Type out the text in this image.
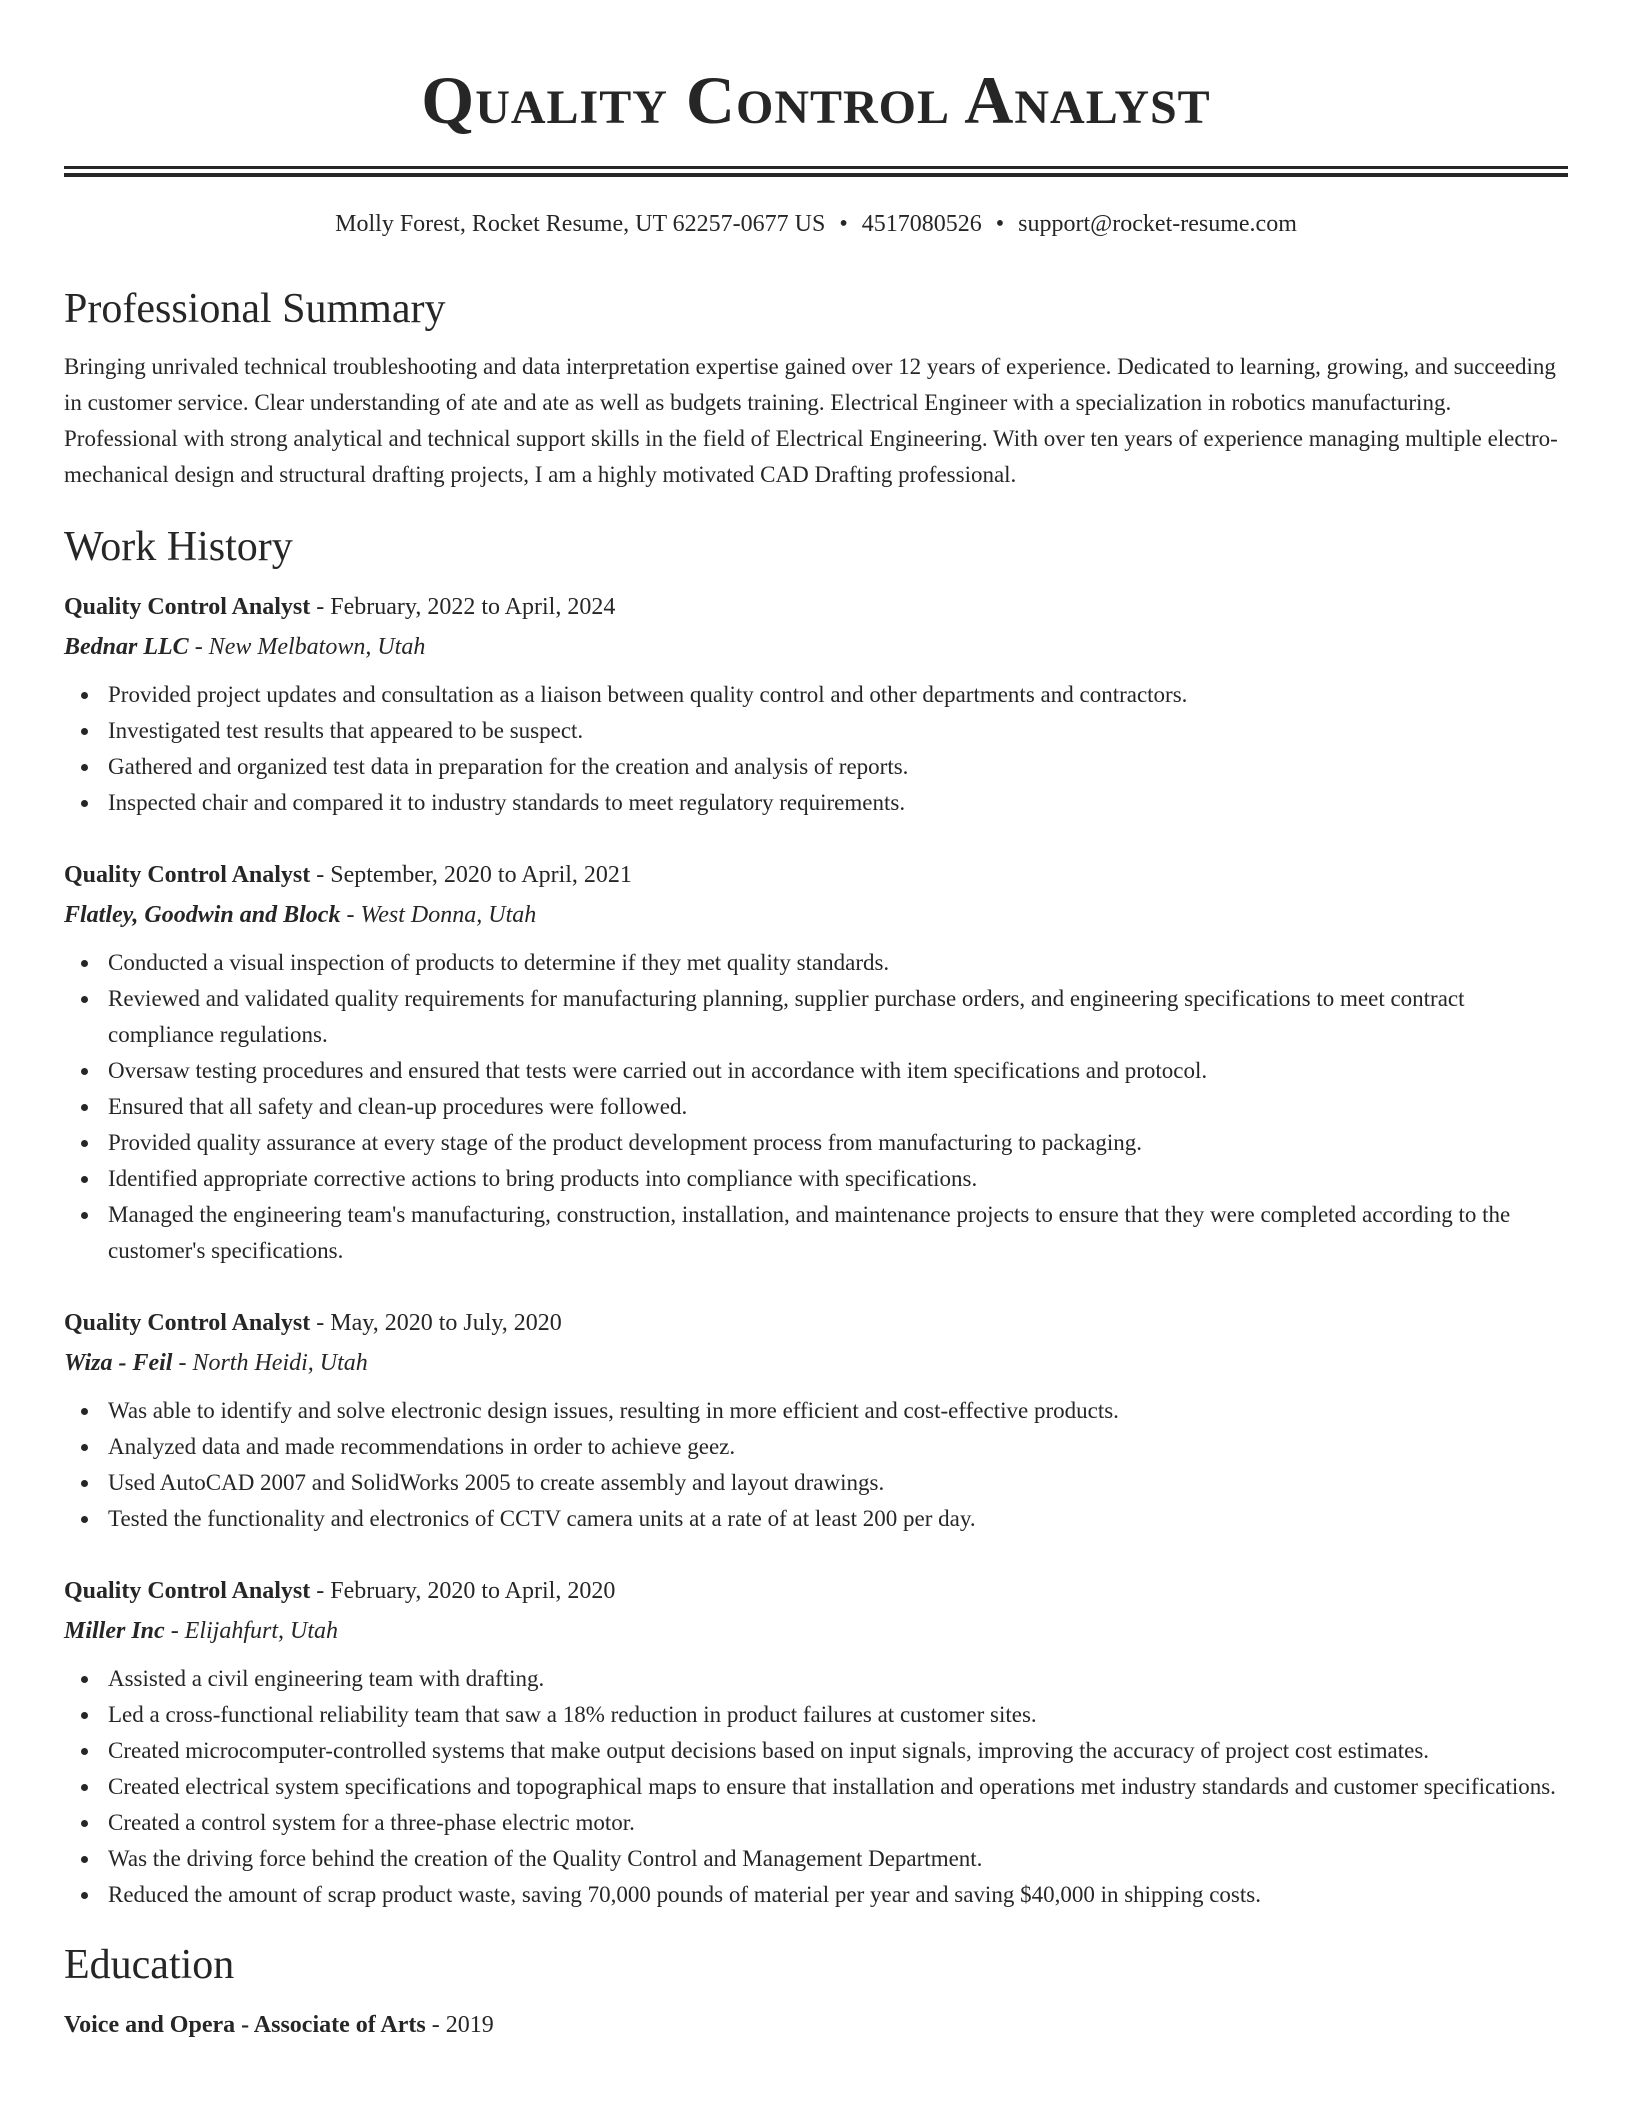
Quality Control Analyst
Molly Forest, Rocket Resume, UT 62257-0677 US • 4517080526 • support@rocket-resume.com
Professional Summary
Bringing unrivaled technical troubleshooting and data interpretation expertise gained over 12 years of experience. Dedicated to learning, growing, and succeeding in customer service. Clear understanding of ate and ate as well as budgets training. Electrical Engineer with a specialization in robotics manufacturing. Professional with strong analytical and technical support skills in the field of Electrical Engineering. With over ten years of experience managing multiple electro-mechanical design and structural drafting projects, I am a highly motivated CAD Drafting professional.
Work History
Quality Control Analyst - February, 2022 to April, 2024
Bednar LLC - New Melbatown, Utah
Provided project updates and consultation as a liaison between quality control and other departments and contractors.
Investigated test results that appeared to be suspect.
Gathered and organized test data in preparation for the creation and analysis of reports.
Inspected chair and compared it to industry standards to meet regulatory requirements.
Quality Control Analyst - September, 2020 to April, 2021
Flatley, Goodwin and Block - West Donna, Utah
Conducted a visual inspection of products to determine if they met quality standards.
Reviewed and validated quality requirements for manufacturing planning, supplier purchase orders, and engineering specifications to meet contract compliance regulations.
Oversaw testing procedures and ensured that tests were carried out in accordance with item specifications and protocol.
Ensured that all safety and clean-up procedures were followed.
Provided quality assurance at every stage of the product development process from manufacturing to packaging.
Identified appropriate corrective actions to bring products into compliance with specifications.
Managed the engineering team's manufacturing, construction, installation, and maintenance projects to ensure that they were completed according to the customer's specifications.
Quality Control Analyst - May, 2020 to July, 2020
Wiza - Feil - North Heidi, Utah
Was able to identify and solve electronic design issues, resulting in more efficient and cost-effective products.
Analyzed data and made recommendations in order to achieve geez.
Used AutoCAD 2007 and SolidWorks 2005 to create assembly and layout drawings.
Tested the functionality and electronics of CCTV camera units at a rate of at least 200 per day.
Quality Control Analyst - February, 2020 to April, 2020
Miller Inc - Elijahfurt, Utah
Assisted a civil engineering team with drafting.
Led a cross-functional reliability team that saw a 18% reduction in product failures at customer sites.
Created microcomputer-controlled systems that make output decisions based on input signals, improving the accuracy of project cost estimates.
Created electrical system specifications and topographical maps to ensure that installation and operations met industry standards and customer specifications.
Created a control system for a three-phase electric motor.
Was the driving force behind the creation of the Quality Control and Management Department.
Reduced the amount of scrap product waste, saving 70,000 pounds of material per year and saving $40,000 in shipping costs.
Education
Voice and Opera - Associate of Arts - 2019
